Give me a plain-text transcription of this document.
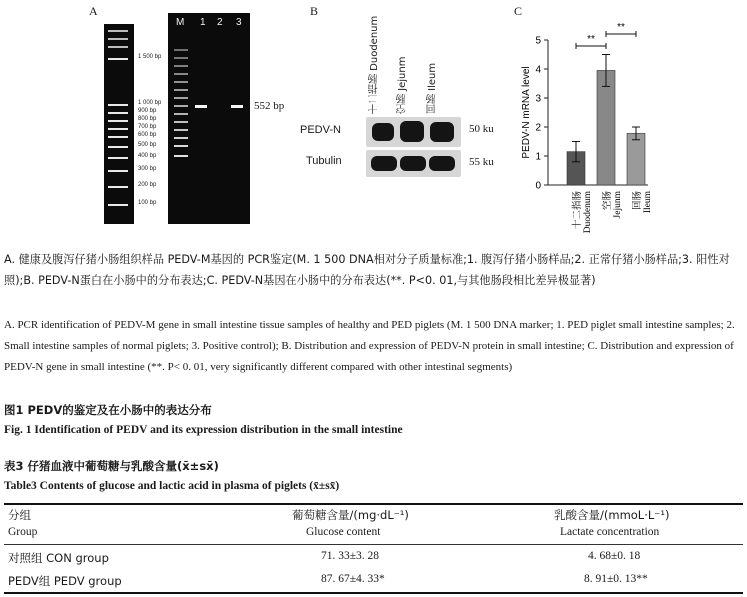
A
1 500 bp
1 000 bp
900 bp
800 bp
700 bp
600 bp
500 bp
400 bp
300 bp
200 bp
100 bp
M 1 2 3
552 bp
B
十二指肠 Duodenum 空肠 Jejunm 回肠 Ileum
PEDV-N
Tubulin
50 ku
55 ku
C
0
1
2
3
4
5
PEDV-N mRNA level
十二指肠 Duodenum 空肠 Jejunm 回肠 Ileum
**
**
A. 健康及腹泻仔猪小肠组织样品 PEDV-M基因的 PCR鉴定(M. 1 500 DNA相对分子质量标准;1. 腹泻仔猪小肠样品;2. 正常仔猪小肠样品;3. 阳性对照);B. PEDV-N蛋白在小肠中的分布表达;C. PEDV-N基因在小肠中的分布表达(**. P<0. 01,与其他肠段相比差异极显著)
A. PCR identification of PEDV-M gene in small intestine tissue samples of healthy and PED piglets (M. 1 500 DNA marker; 1. PED piglet small intestine samples; 2. Small intestine samples of normal piglets; 3. Positive control); B. Distribution and expression of PEDV-N protein in small intestine; C. Distribution and expression of PEDV-N gene in small intestine (**. P< 0. 01, very significantly different compared with other intestinal segments)
图1 PEDV的鉴定及在小肠中的表达分布
Fig. 1 Identification of PEDV and its expression distribution in the small intestine
表3 仔猪血液中葡萄糖与乳酸含量(x̄±sx̄)
Table3 Contents of glucose and lactic acid in plasma of piglets (x̄±sx̄)
分组
Group
葡萄糖含量/(mg·dL⁻¹)
Glucose content
乳酸含量/(mmoL·L⁻¹)
Lactate concentration
对照组 CON group	71. 33±3. 28	4. 68±0. 18
PEDV组 PEDV group	87. 67±4. 33*	8. 91±0. 13**
